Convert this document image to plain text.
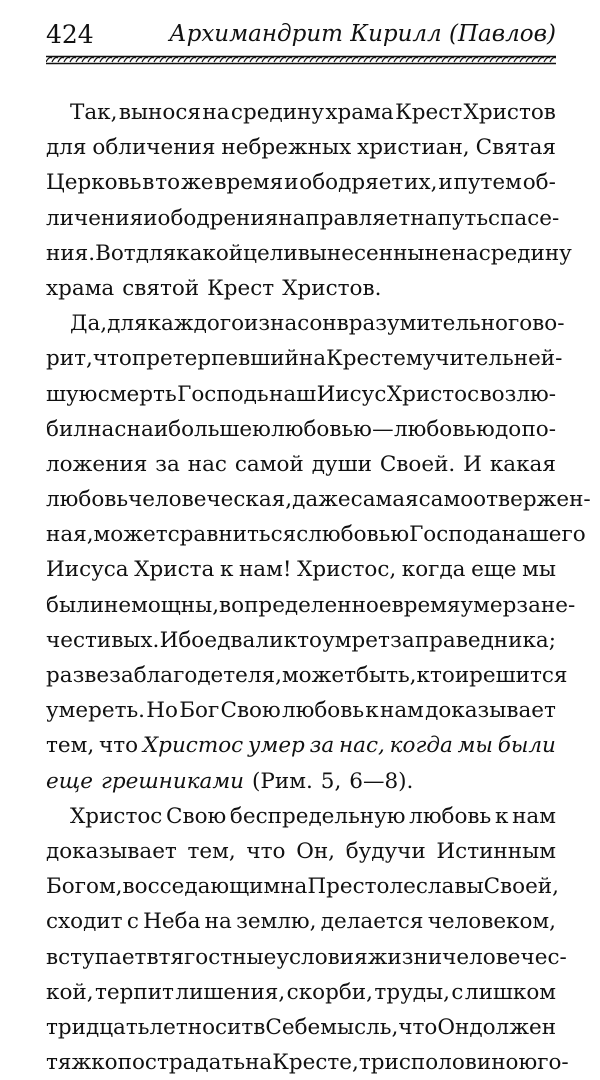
424	Архимандрит Кирилл (Павлов)
Так, вынося на средину храма Крест Христов
для обличения небрежных христиан, Святая
Церковь в то же время и ободряет их, и путем об-
личения и ободрения направляет на путь спасе-
ния. Вот для какой цели вынесен ныне на средину
храма святой Крест Христов.
Да, для каждого из нас он вразумительно гово-
рит, что претерпевший на Кресте мучительней-
шую смерть Господь наш Иисус Христос возлю-
бил нас наибольшею любовью — любовью до по-
ложения за нас самой души Своей. И какая
любовь человеческая, даже самая самоотвержен-
ная, может сравниться с любовью Господа нашего
Иисуса Христа к нам! Христос, когда еще мы
были немощны, в определенное время умер за не-
честивых. Ибо едва ли кто умрет за праведника;
разве за благодетеля, может быть, кто и решится
умереть. Но Бог Свою любовь к нам доказывает
тем, что Христос умер за нас, когда мы были
еще грешниками (Рим. 5, 6—8).
Христос Свою беспредельную любовь к нам
доказывает тем, что Он, будучи Истинным
Богом, восседающим на Престоле славы Своей,
сходит с Неба на землю, делается человеком,
вступает в тягостные условия жизни человечес-
кой, терпит лишения, скорби, труды, с лишком
тридцать лет носит в Себе мысль, что Он должен
тяжко пострадать на Кресте, три с половиною го-
